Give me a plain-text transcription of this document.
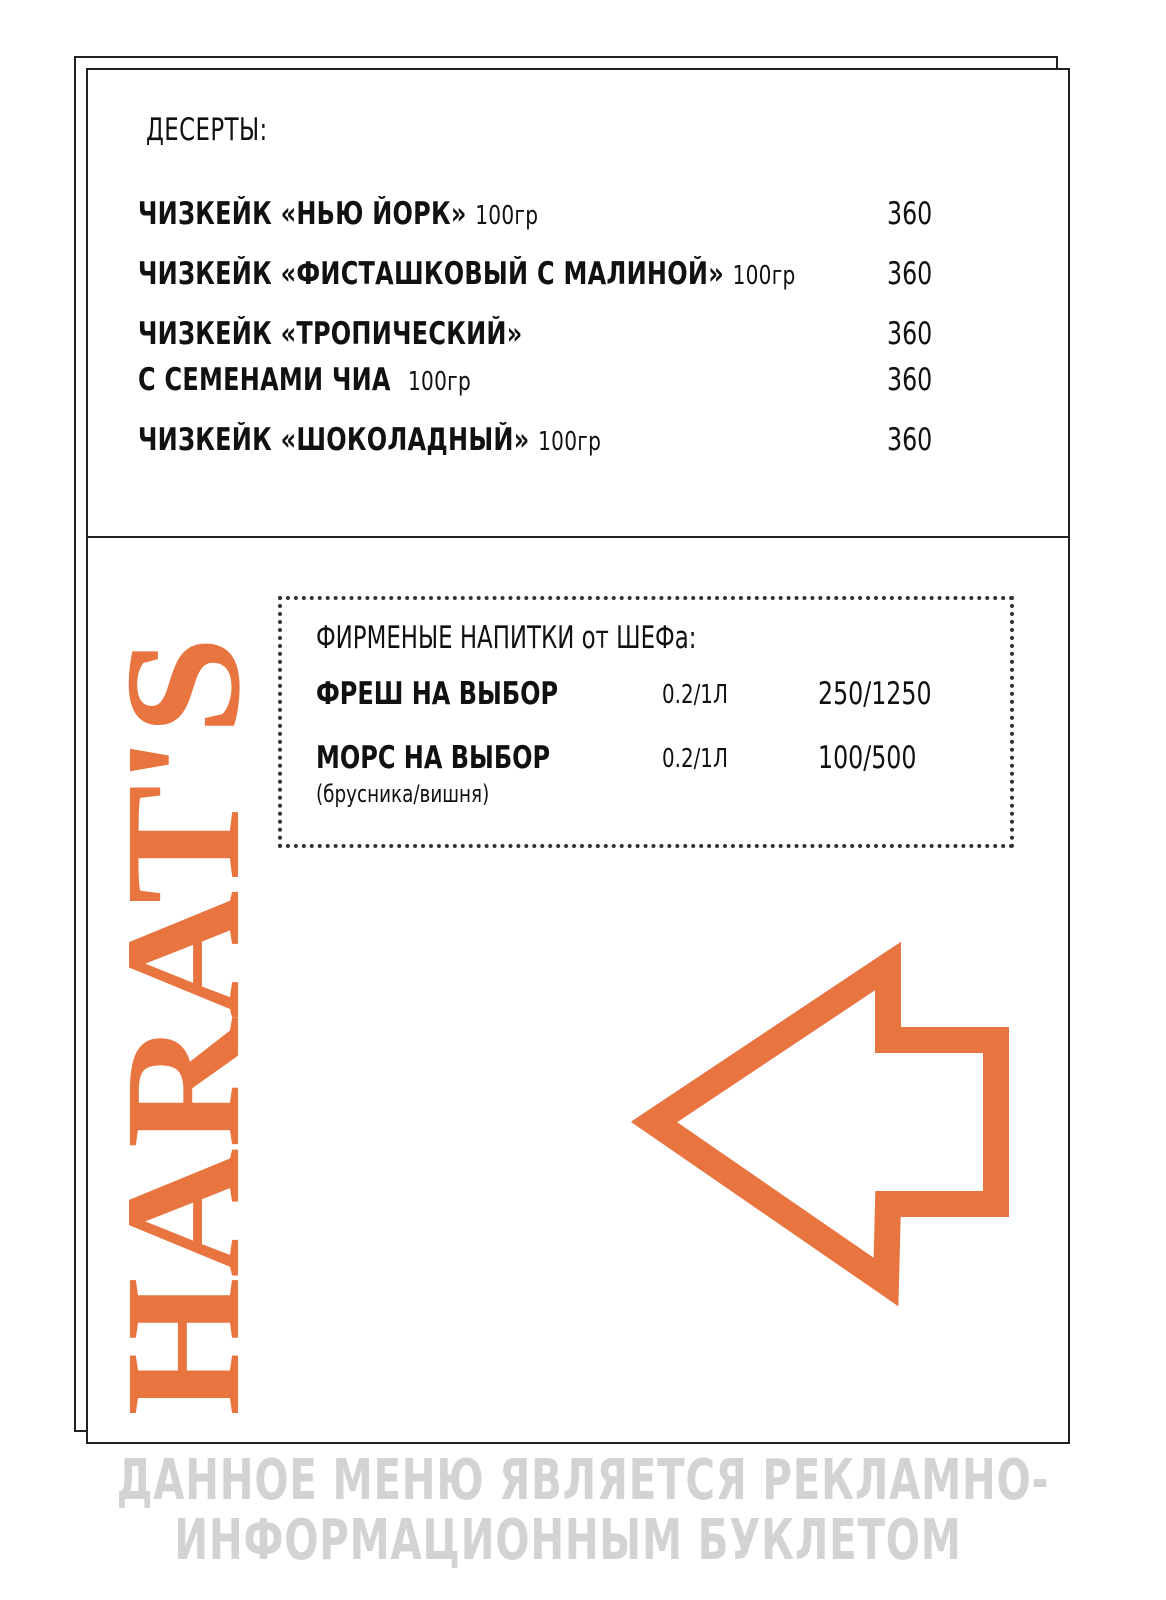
ДЕСЕРТЫ:
ЧИЗКЕЙК «НЬЮ ЙОРК» 100гр	360
ЧИЗКЕЙК «ФИСТАШКОВЫЙ С МАЛИНОЙ» 100гр	360
ЧИЗКЕЙК «ТРОПИЧЕСКИЙ»	360
С СЕМЕНАМИ ЧИА 100гр	360
ЧИЗКЕЙК «ШОКОЛАДНЫЙ» 100гр	360
ФИРМЕНЫЕ НАПИТКИ от ШЕФа:
ФРЕШ НА ВЫБОР	0.2/1Л	250/1250
МОРС НА ВЫБОР	0.2/1Л	100/500
(брусника/вишня)
HARAT'S
ДАННОЕ МЕНЮ ЯВЛЯЕТСЯ РЕКЛАМНО-
ИНФОРМАЦИОННЫМ БУКЛЕТОМ
